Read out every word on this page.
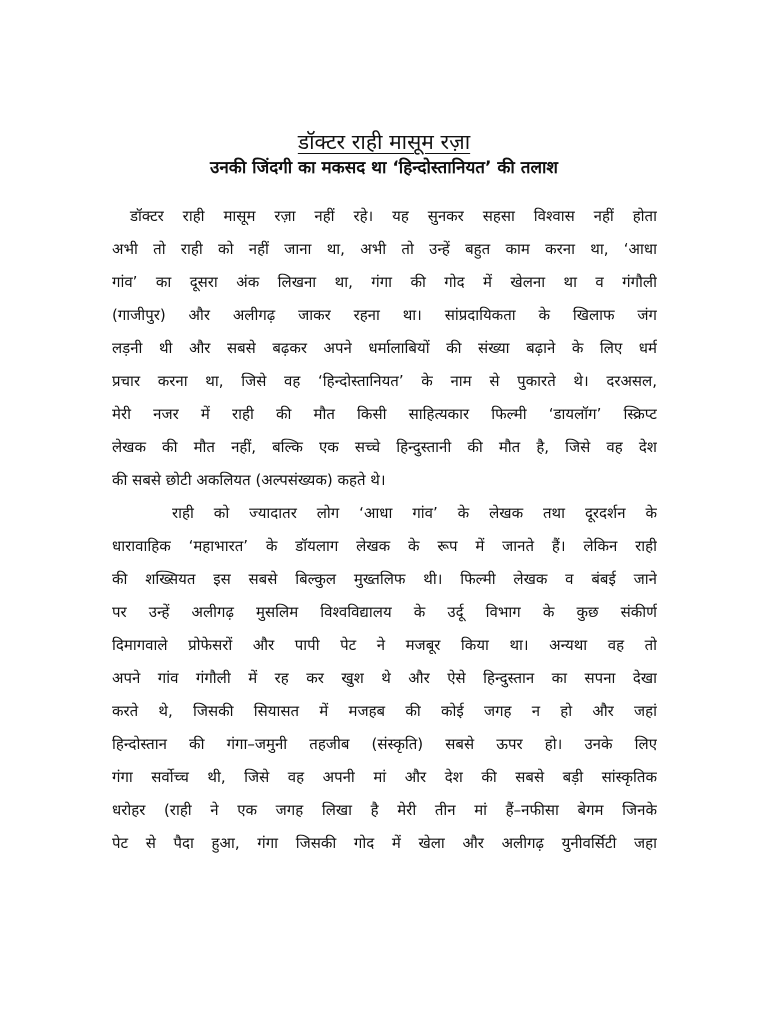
डॉक्टर राही मासूम रज़ा
उनकी जिंदगी का मकसद था ‘हिन्दोस्तानियत’ की तलाश
डॉक्टर राही मासूम रज़ा नहीं रहे। यह सुनकर सहसा विश्वास नहीं होता
अभी तो राही को नहीं जाना था, अभी तो उन्हें बहुत काम करना था, ‘आधा
गांव’ का दूसरा अंक लिखना था, गंगा की गोद में खेलना था व गंगौली
(गाजीपुर) और अलीगढ़ जाकर रहना था। सांप्रदायिकता के खिलाफ जंग
लड़नी थी और सबसे बढ़कर अपने धर्मालाबियों की संख्या बढ़ाने के लिए धर्म
प्रचार करना था, जिसे वह ‘हिन्दोस्तानियत’ के नाम से पुकारते थे। दरअसल,
मेरी नजर में राही की मौत किसी साहित्यकार फिल्मी ‘डायलॉग’ स्क्रिप्ट
लेखक की मौत नहीं, बल्कि एक सच्चे हिन्दुस्तानी की मौत है, जिसे वह देश
की सबसे छोटी अकलियत (अल्पसंख्यक) कहते थे।
राही को ज्यादातर लोग ‘आधा गांव’ के लेखक तथा दूरदर्शन के
धारावाहिक ‘महाभारत’ के डॉयलाग लेखक के रूप में जानते हैं। लेकिन राही
की शख्सियत इस सबसे बिल्कुल मुख्तलिफ थी। फिल्मी लेखक व बंबई जाने
पर उन्हें अलीगढ़ मुसलिम विश्वविद्यालय के उर्दू विभाग के कुछ संकीर्ण
दिमागवाले प्रोफेसरों और पापी पेट ने मजबूर किया था। अन्यथा वह तो
अपने गांव गंगौली में रह कर खुश थे और ऐसे हिन्दुस्तान का सपना देखा
करते थे, जिसकी सियासत में मजहब की कोई जगह न हो और जहां
हिन्दोस्तान की गंगा–जमुनी तहजीब (संस्कृति) सबसे ऊपर हो। उनके लिए
गंगा सर्वोच्च थी, जिसे वह अपनी मां और देश की सबसे बड़ी सांस्कृतिक
धरोहर (राही ने एक जगह लिखा है मेरी तीन मां हैं–नफीसा बेगम जिनके
पेट से पैदा हुआ, गंगा जिसकी गोद में खेला और अलीगढ़ युनीवर्सिटी जहा
